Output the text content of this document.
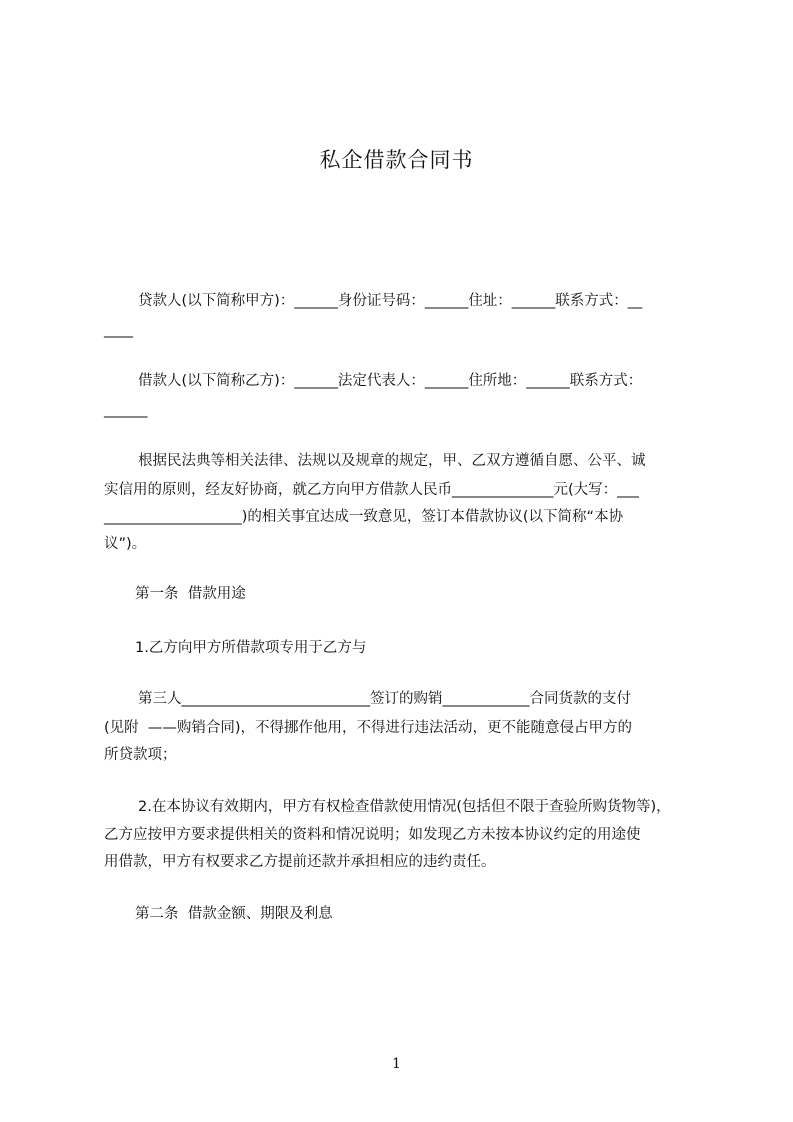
私企借款合同书
贷款人(以下简称甲方)：______身份证号码：______住址：______联系方式：__
____
借款人(以下简称乙方)：______法定代表人：______住所地：______联系方式：
______
根据民法典等相关法律、法规以及规章的规定，甲、乙双方遵循自愿、公平、诚
实信用的原则，经友好协商，就乙方向甲方借款人民币______________元(大写：___
___________________)的相关事宜达成一致意见，签订本借款协议(以下简称“本协
议”)。
第一条  借款用途
1.乙方向甲方所借款项专用于乙方与
第三人__________________________签订的购销____________合同货款的支付
(见附  ——购销合同)，不得挪作他用，不得进行违法活动，更不能随意侵占甲方的
所贷款项；
2.在本协议有效期内，甲方有权检查借款使用情况(包括但不限于查验所购货物等)，
乙方应按甲方要求提供相关的资料和情况说明；如发现乙方未按本协议约定的用途使
用借款，甲方有权要求乙方提前还款并承担相应的违约责任。
第二条  借款金额、期限及利息
1
